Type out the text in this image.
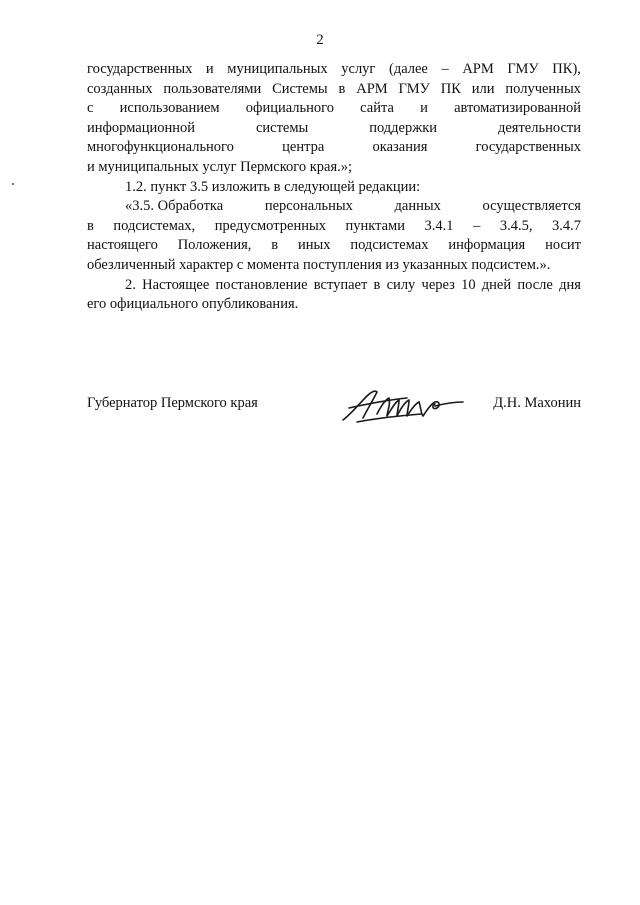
2
государственных и муниципальных услуг (далее – АРМ ГМУ ПК),
созданных пользователями Системы в АРМ ГМУ ПК или полученных
с использованием официального сайта и автоматизированной
информационной	системы	поддержки	деятельности
многофункционального	центра	оказания	государственных
и муниципальных услуг Пермского края.»;
1.2. пункт 3.5 изложить в следующей редакции:
«3.5. Обработка	персональных	данных	осуществляется
в подсистемах, предусмотренных пунктами 3.4.1 – 3.4.5, 3.4.7
настоящего Положения, в иных подсистемах информация носит
обезличенный характер с момента поступления из указанных подсистем.».
2. Настоящее постановление вступает в силу через 10 дней после дня
его официального опубликования.
Губернатор Пермского края	Д.Н. Махонин
